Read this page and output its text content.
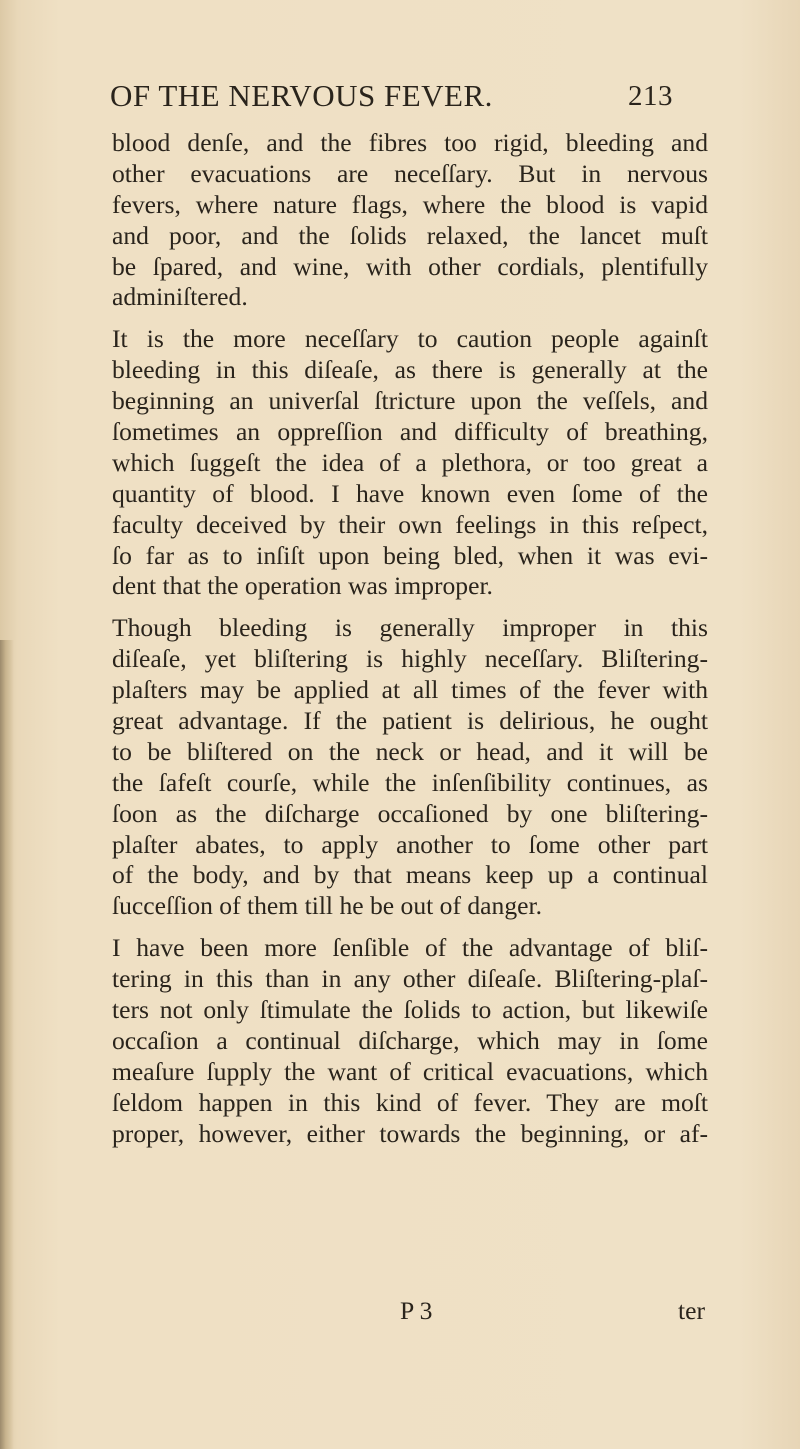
OF THE NERVOUS FEVER.	213
blood denſe, and the fibres too rigid, bleeding and
other evacuations are neceſſary. But in nervous
fevers, where nature flags, where the blood is vapid
and poor, and the ſolids relaxed, the lancet muſt
be ſpared, and wine, with other cordials, plentifully
adminiſtered.
It is the more neceſſary to caution people againſt
bleeding in this diſeaſe, as there is generally at the
beginning an univerſal ſtricture upon the veſſels, and
ſometimes an oppreſſion and difficulty of breathing,
which ſuggeſt the idea of a plethora, or too great a
quantity of blood. I have known even ſome of the
faculty deceived by their own feelings in this reſpect,
ſo far as to inſiſt upon being bled, when it was evi-
dent that the operation was improper.
Though bleeding is generally improper in this
diſeaſe, yet bliſtering is highly neceſſary. Bliſtering-
plaſters may be applied at all times of the fever with
great advantage. If the patient is delirious, he ought
to be bliſtered on the neck or head, and it will be
the ſafeſt courſe, while the inſenſibility continues, as
ſoon as the diſcharge occaſioned by one bliſtering-
plaſter abates, to apply another to ſome other part
of the body, and by that means keep up a continual
ſucceſſion of them till he be out of danger.
I have been more ſenſible of the advantage of bliſ-
tering in this than in any other diſeaſe. Bliſtering-plaſ-
ters not only ſtimulate the ſolids to action, but likewiſe
occaſion a continual diſcharge, which may in ſome
meaſure ſupply the want of critical evacuations, which
ſeldom happen in this kind of fever. They are moſt
proper, however, either towards the beginning, or af-
P 3	ter
